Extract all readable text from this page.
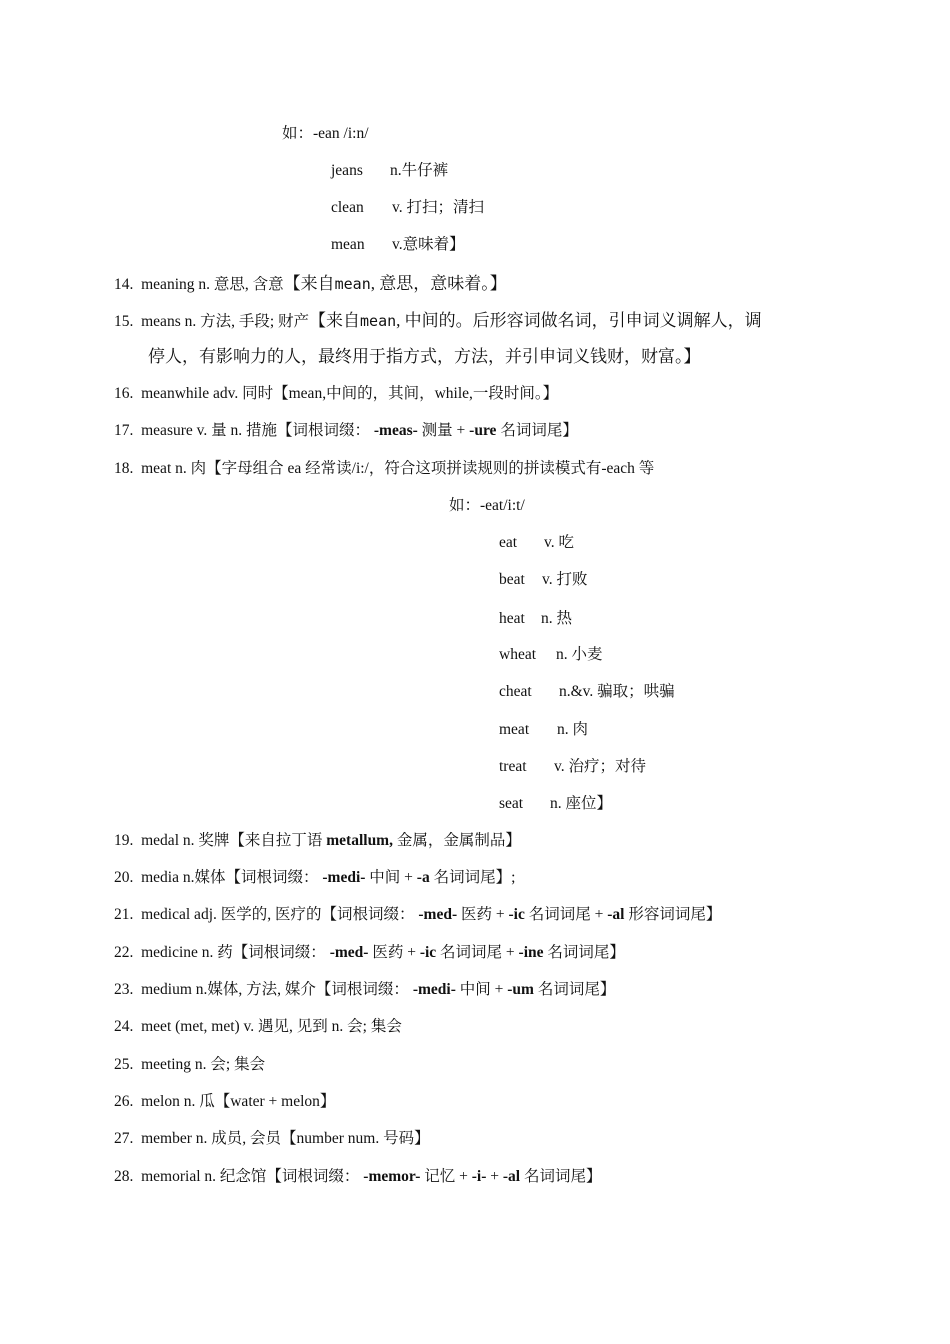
如：-ean /i:n/
jeans n.牛仔裤
clean v. 打扫；清扫
mean v.意味着】
14. meaning n. 意思, 含意【来自mean, 意思，意味着。】
15. means n. 方法, 手段; 财产【来自mean, 中间的。后形容词做名词，引申词义调解人，调
停人，有影响力的人，最终用于指方式，方法，并引申词义钱财，财富。】
16. meanwhile adv. 同时【mean,中间的，其间，while,一段时间。】
17. measure v. 量 n. 措施【词根词缀： -meas- 测量 + -ure 名词词尾】
18. meat n. 肉【字母组合 ea 经常读/i:/，符合这项拼读规则的拼读模式有-each 等
如：-eat/i:t/
eat v. 吃
beat v. 打败
heat n. 热
wheat n. 小麦
cheat n.&v. 骗取；哄骗
meat n. 肉
treat v. 治疗；对待
seat n. 座位】
19. medal n. 奖牌【来自拉丁语 metallum, 金属，金属制品】
20. media n.媒体【词根词缀： -medi- 中间 + -a 名词词尾】;
21. medical adj. 医学的, 医疗的【词根词缀： -med- 医药 + -ic 名词词尾 + -al 形容词词尾】
22. medicine n. 药【词根词缀： -med- 医药 + -ic 名词词尾 + -ine 名词词尾】
23. medium n.媒体, 方法, 媒介【词根词缀： -medi- 中间 + -um 名词词尾】
24. meet (met, met) v. 遇见, 见到 n. 会; 集会
25. meeting n. 会; 集会
26. melon n. 瓜【water + melon】
27. member n. 成员, 会员【number num. 号码】
28. memorial n. 纪念馆【词根词缀： -memor- 记忆 + -i- + -al 名词词尾】
